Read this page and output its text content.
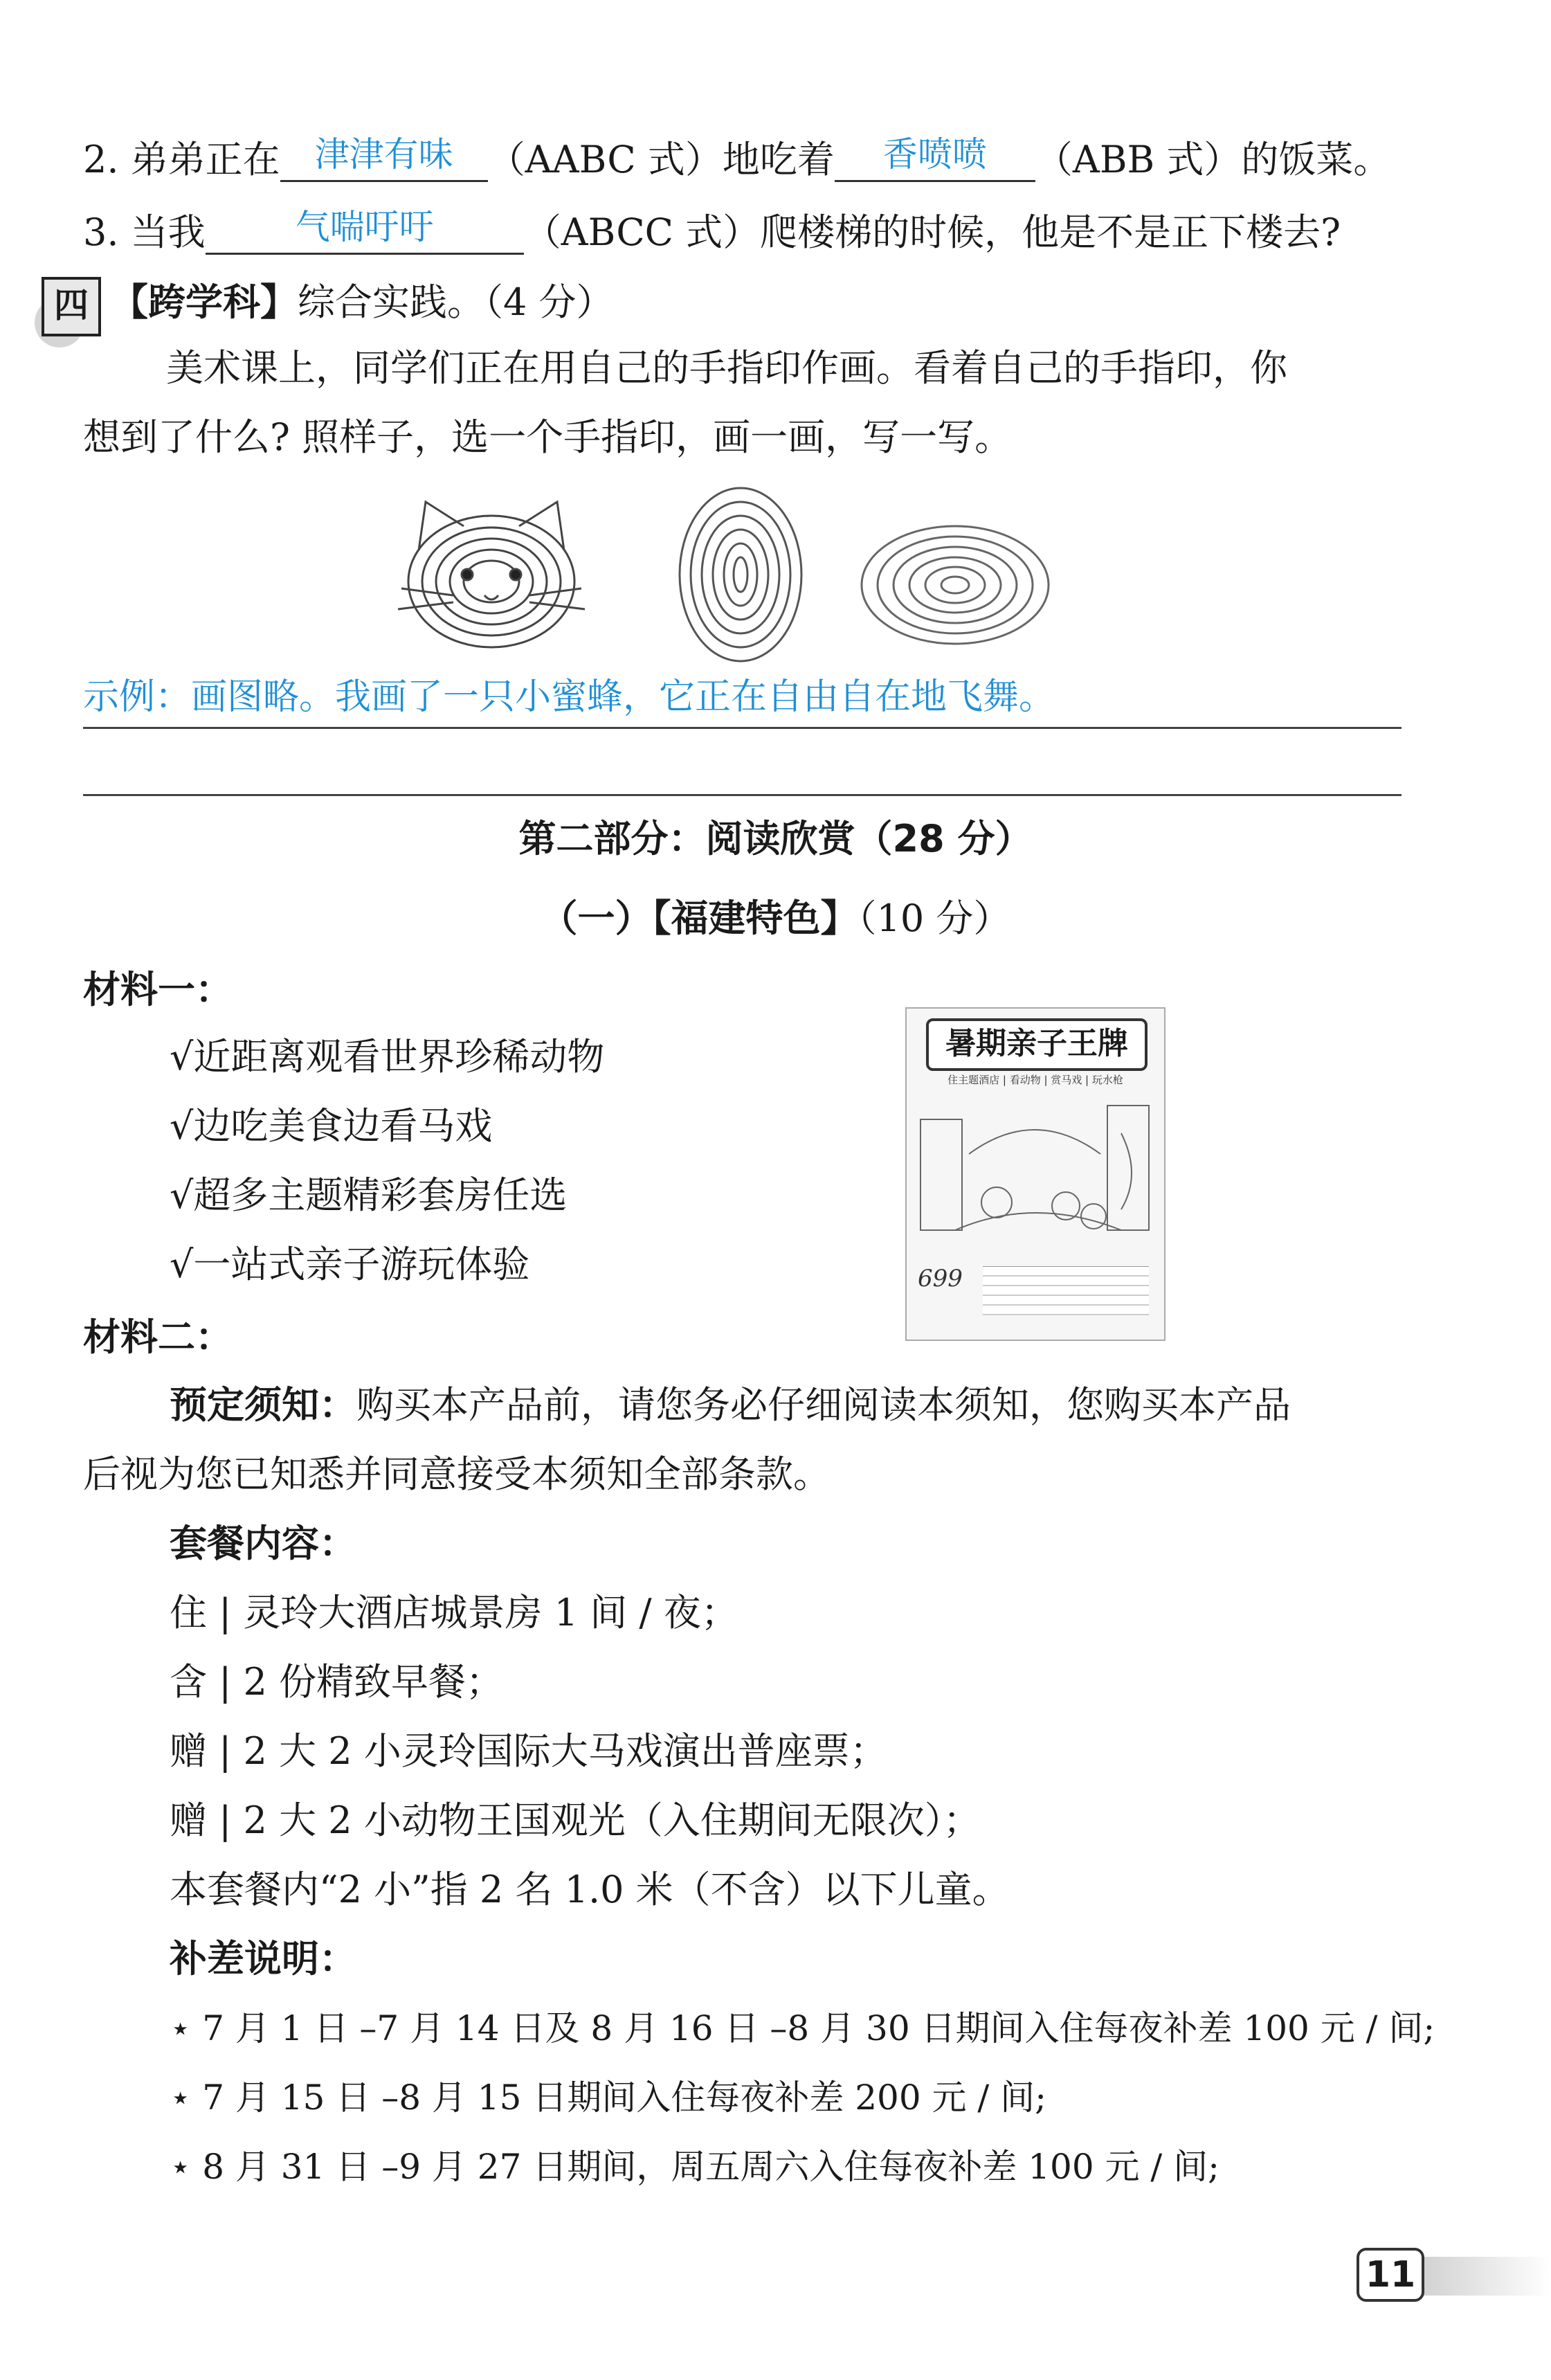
2. 弟弟正在 津津有味 （AABC 式）地吃着 香喷喷 （ABB 式）的饭菜。
3. 当我	气喘吁吁 （ABCC 式）爬楼梯的时候，他是不是正下楼去?
四 【跨学科】综合实践。（4 分）
美术课上，同学们正在用自己的手指印作画。看着自己的手指印，你
想到了什么? 照样子，选一个手指印，画一画，写一写。
示例：画图略。我画了一只小蜜蜂，它正在自由自在地飞舞。
第二部分：阅读欣赏（28 分）
（一）【福建特色】（10 分）
材料一：
√近距离观看世界珍稀动物
√边吃美食边看马戏
√超多主题精彩套房任选
√一站式亲子游玩体验
暑期亲子王牌
住主题酒店 | 看动物 | 赏马戏 | 玩水枪
699
材料二：
预定须知：购买本产品前，请您务必仔细阅读本须知，您购买本产品
后视为您已知悉并同意接受本须知全部条款。
套餐内容：
住 | 灵玲大酒店城景房 1 间 / 夜；
含 | 2 份精致早餐；
赠 | 2 大 2 小灵玲国际大马戏演出普座票；
赠 | 2 大 2 小动物王国观光（入住期间无限次）；
本套餐内“2 小”指 2 名 1.0 米（不含）以下儿童。
补差说明：
⋆ 7 月 1 日 –7 月 14 日及 8 月 16 日 –8 月 30 日期间入住每夜补差 100 元 / 间;
⋆ 7 月 15 日 –8 月 15 日期间入住每夜补差 200 元 / 间;
⋆ 8 月 31 日 –9 月 27 日期间，周五周六入住每夜补差 100 元 / 间;
11
